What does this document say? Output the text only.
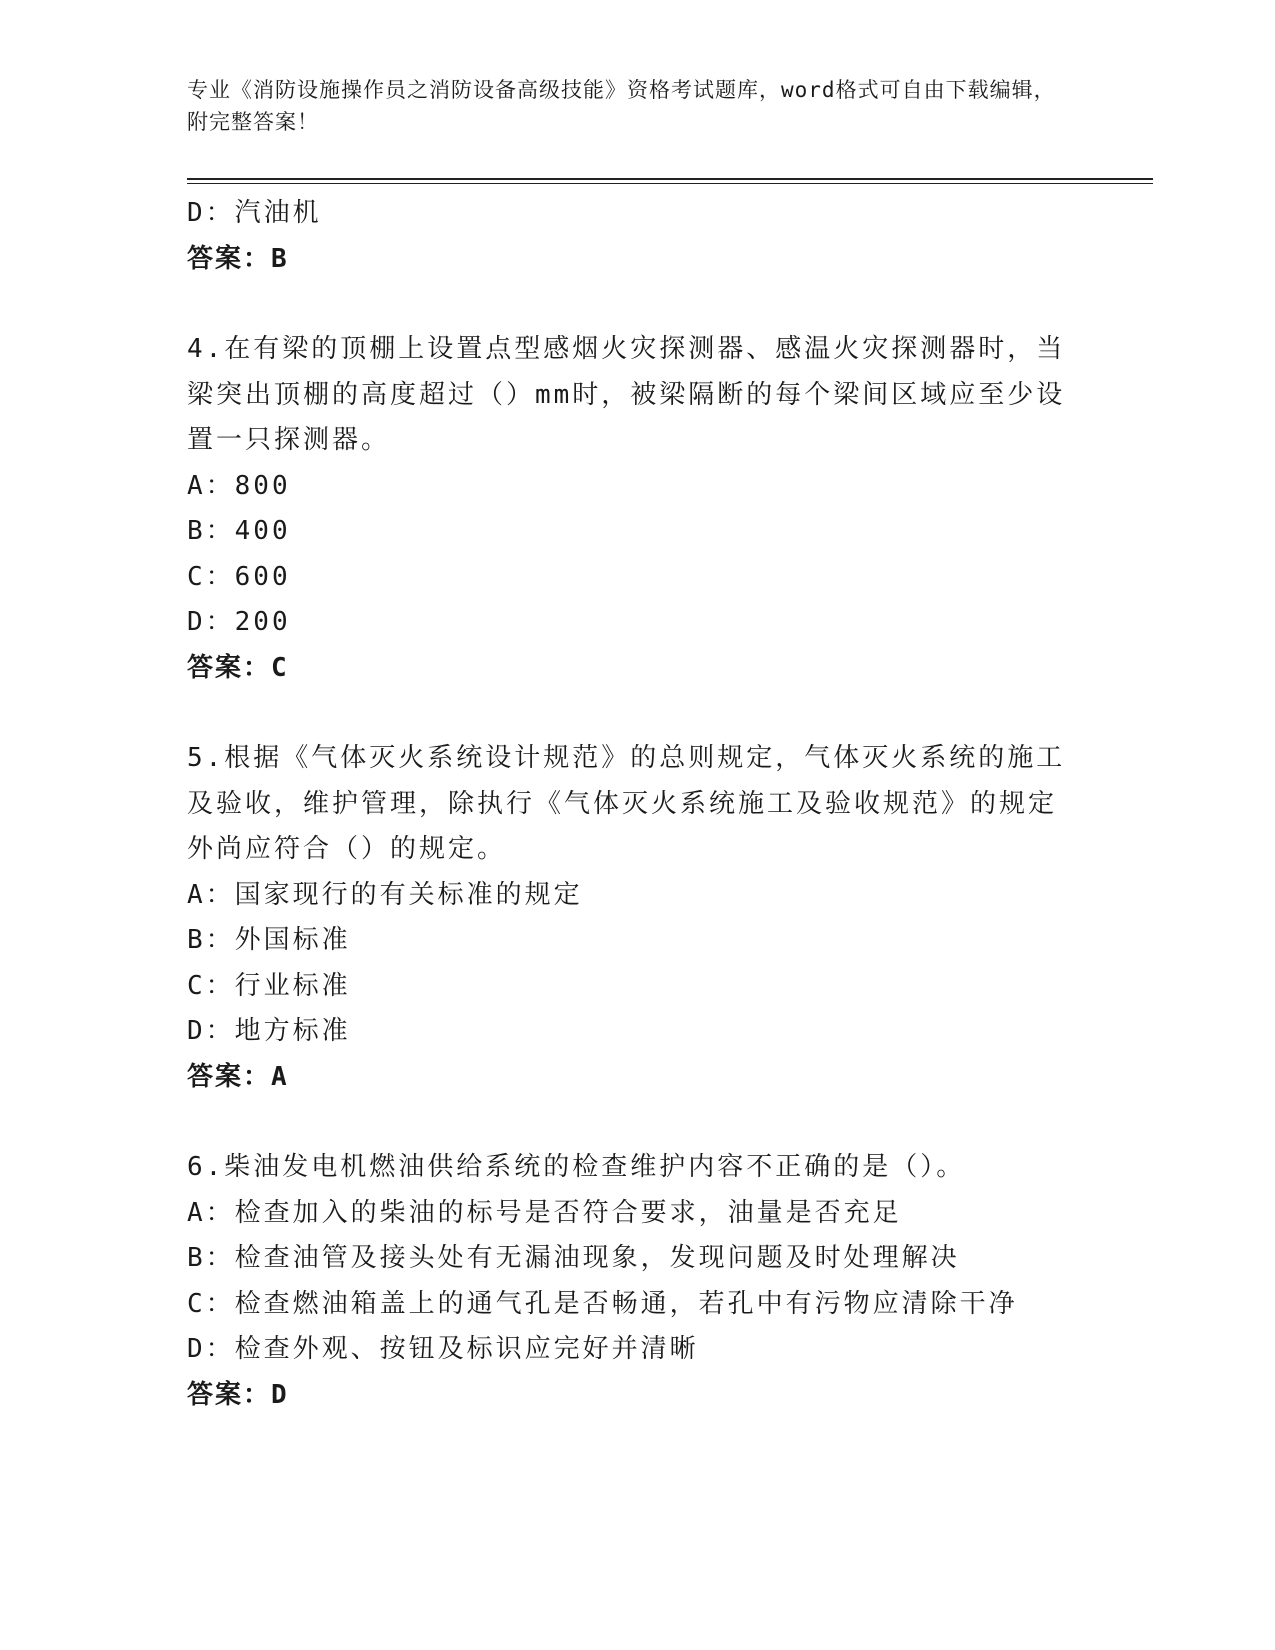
专业《消防设施操作员之消防设备高级技能》资格考试题库，word格式可自由下载编辑，附完整答案！
D：汽油机
答案：B
4.在有梁的顶棚上设置点型感烟火灾探测器、感温火灾探测器时，当梁突出顶棚的高度超过（）mm时，被梁隔断的每个梁间区域应至少设置一只探测器。
A：800
B：400
C：600
D：200
答案：C
5.根据《气体灭火系统设计规范》的总则规定，气体灭火系统的施工及验收，维护管理，除执行《气体灭火系统施工及验收规范》的规定外尚应符合（）的规定。
A：国家现行的有关标准的规定
B：外国标准
C：行业标准
D：地方标准
答案：A
6.柴油发电机燃油供给系统的检查维护内容不正确的是（）。
A：检查加入的柴油的标号是否符合要求，油量是否充足
B：检查油管及接头处有无漏油现象，发现问题及时处理解决
C：检查燃油箱盖上的通气孔是否畅通，若孔中有污物应清除干净
D：检查外观、按钮及标识应完好并清晰
答案：D
